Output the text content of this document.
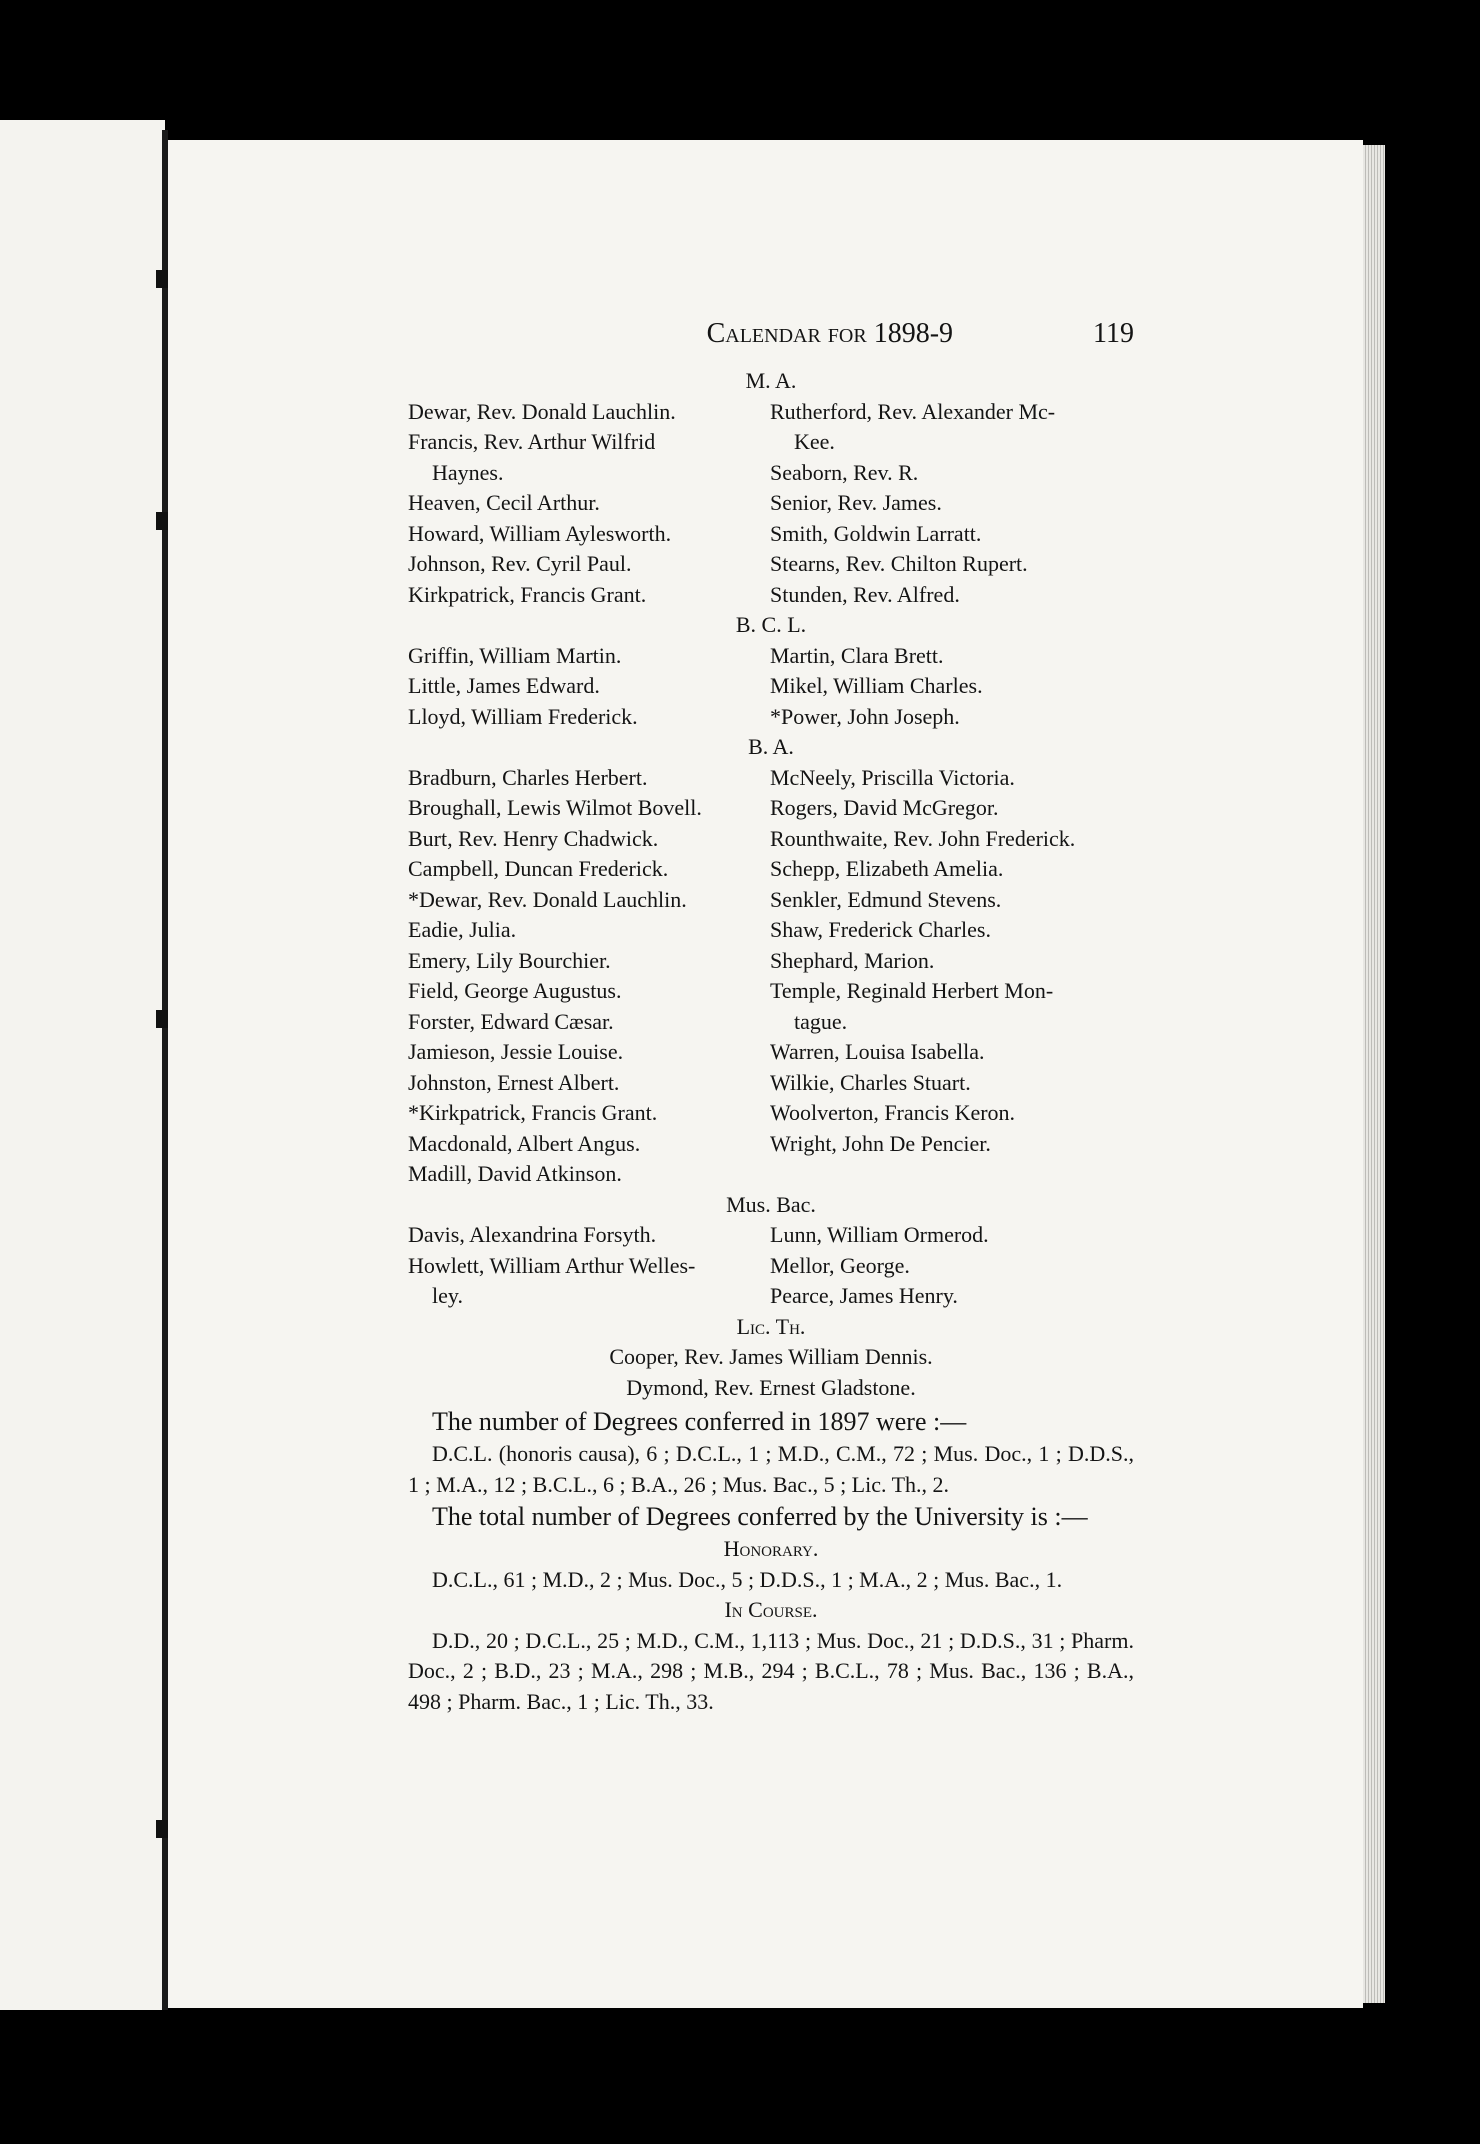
Calendar for 1898-9	119
M. A.
Dewar, Rev. Donald Lauchlin.	Rutherford, Rev. Alexander Mc-
Francis, Rev. Arthur Wilfrid	Kee.
Haynes.	Seaborn, Rev. R.
Heaven, Cecil Arthur.	Senior, Rev. James.
Howard, William Aylesworth.	Smith, Goldwin Larratt.
Johnson, Rev. Cyril Paul.	Stearns, Rev. Chilton Rupert.
Kirkpatrick, Francis Grant.	Stunden, Rev. Alfred.
B. C. L.
Griffin, William Martin.	Martin, Clara Brett.
Little, James Edward.	Mikel, William Charles.
Lloyd, William Frederick.	*Power, John Joseph.
B. A.
Bradburn, Charles Herbert.	McNeely, Priscilla Victoria.
Broughall, Lewis Wilmot Bovell.	Rogers, David McGregor.
Burt, Rev. Henry Chadwick.	Rounthwaite, Rev. John Frederick.
Campbell, Duncan Frederick.	Schepp, Elizabeth Amelia.
*Dewar, Rev. Donald Lauchlin.	Senkler, Edmund Stevens.
Eadie, Julia.	Shaw, Frederick Charles.
Emery, Lily Bourchier.	Shephard, Marion.
Field, George Augustus.	Temple, Reginald Herbert Mon-
Forster, Edward Cæsar.	tague.
Jamieson, Jessie Louise.	Warren, Louisa Isabella.
Johnston, Ernest Albert.	Wilkie, Charles Stuart.
*Kirkpatrick, Francis Grant.	Woolverton, Francis Keron.
Macdonald, Albert Angus.	Wright, John De Pencier.
Madill, David Atkinson.
Mus. Bac.
Davis, Alexandrina Forsyth.	Lunn, William Ormerod.
Howlett, William Arthur Welles-	Mellor, George.
ley.	Pearce, James Henry.
Lic. Th.
Cooper, Rev. James William Dennis.
Dymond, Rev. Ernest Gladstone.
The number of Degrees conferred in 1897 were :—
D.C.L. (honoris causa), 6 ; D.C.L., 1 ; M.D., C.M., 72 ; Mus. Doc., 1 ; D.D.S., 1 ; M.A., 12 ; B.C.L., 6 ; B.A., 26 ; Mus. Bac., 5 ; Lic. Th., 2.
The total number of Degrees conferred by the University is :—
Honorary.
D.C.L., 61 ; M.D., 2 ; Mus. Doc., 5 ; D.D.S., 1 ; M.A., 2 ; Mus. Bac., 1.
In Course.
D.D., 20 ; D.C.L., 25 ; M.D., C.M., 1,113 ; Mus. Doc., 21 ; D.D.S., 31 ; Pharm. Doc., 2 ; B.D., 23 ; M.A., 298 ; M.B., 294 ; B.C.L., 78 ; Mus. Bac., 136 ; B.A., 498 ; Pharm. Bac., 1 ; Lic. Th., 33.
